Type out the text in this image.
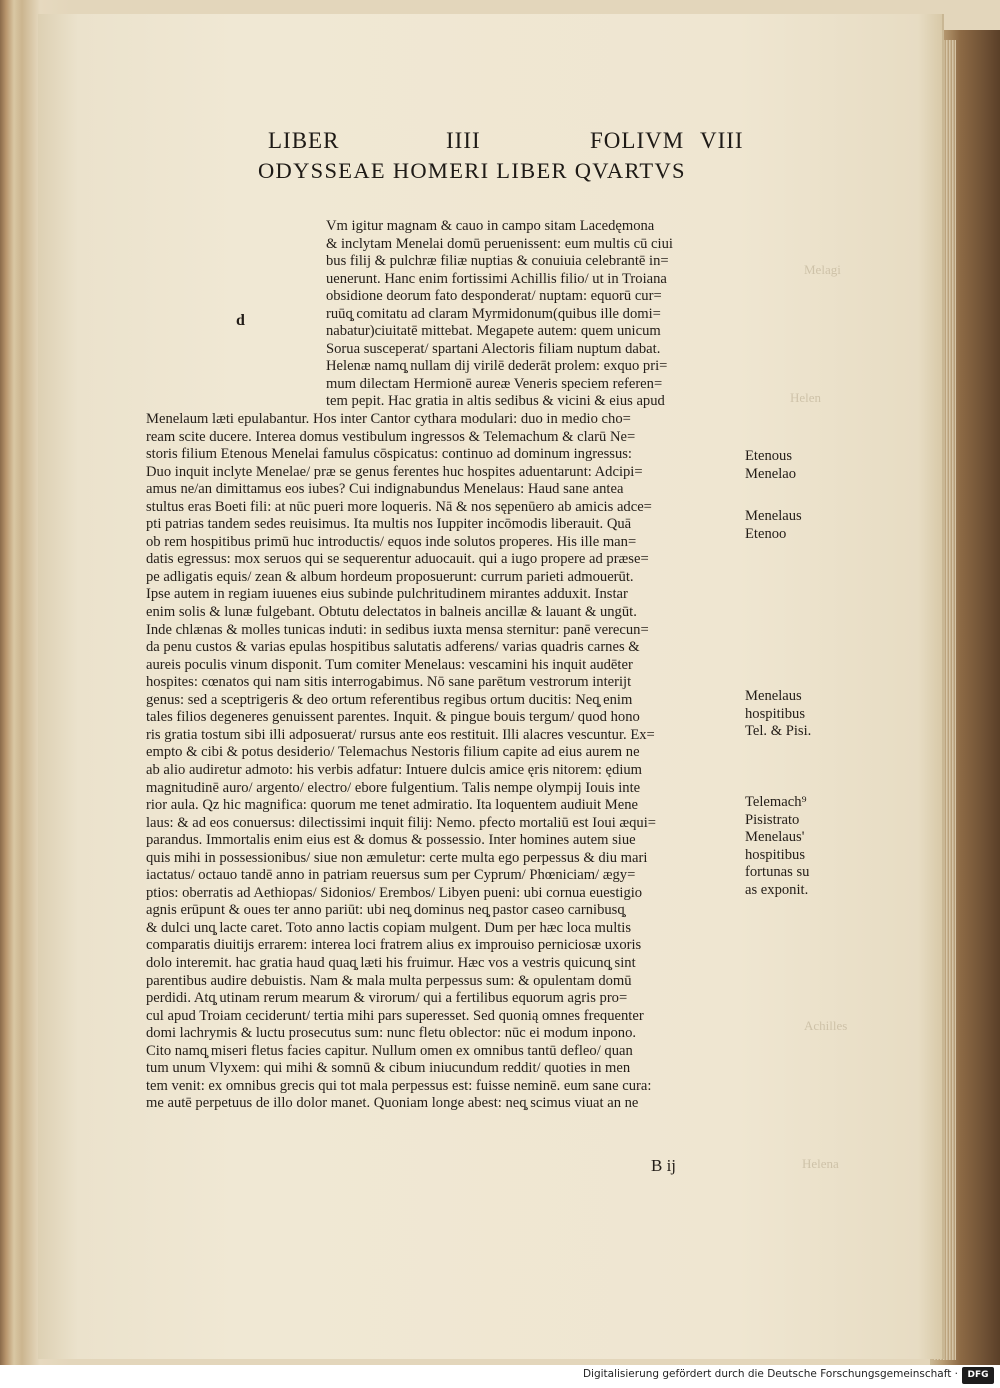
Melagi
Helen
Achilles
Helena
LIBER	IIII	FOLIVM VIII
ODYSSEAE HOMERI LIBER QVARTVS
d
Vm igitur magnam & cauo in campo sitam Lacedęmona
& inclytam Menelai domū peruenissent: eum multis cū ciui
bus filij & pulchræ filiæ nuptias & conuiuia celebrantē in=
uenerunt. Hanc enim fortissimi Achillis filio/ ut in Troiana
obsidione deorum fato desponderat/ nuptam: equorū cur=
ruūq̧ comitatu ad claram Myrmidonum(quibus ille domi=
nabatur)ciuitatē mittebat. Megapete autem: quem unicum
Sorua susceperat/ spartani Alectoris filiam nuptum dabat.
Helenæ namq̧ nullam dij virilē dederāt prolem: exquo pri=
mum dilectam Hermionē aureæ Veneris speciem referen=
tem pepit. Hac gratia in altis sedibus & vicini & eius apud
Menelaum læti epulabantur. Hos inter Cantor cythara modulari: duo in medio cho=
ream scite ducere. Interea domus vestibulum ingressos & Telemachum & clarū Ne=
storis filium Etenous Menelai famulus cōspicatus: continuo ad dominum ingressus:
Duo inquit inclyte Menelae/ præ se genus ferentes huc hospites aduentarunt: Adcipi=
amus ne/an dimittamus eos iubes? Cui indignabundus Menelaus: Haud sane antea
stultus eras Boeti fili: at nūc pueri more loqueris. Nā & nos sępenūero ab amicis adce=
pti patrias tandem sedes reuisimus. Ita multis nos Iuppiter incōmodis liberauit. Quā
ob rem hospitibus primū huc introductis/ equos inde solutos properes. His ille man=
datis egressus: mox seruos qui se sequerentur aduocauit. qui a iugo propere ad præse=
pe adligatis equis/ zean & album hordeum proposuerunt: currum parieti admouerūt.
Ipse autem in regiam iuuenes eius subinde pulchritudinem mirantes adduxit. Instar
enim solis & lunæ fulgebant. Obtutu delectatos in balneis ancillæ & lauant & ungūt.
Inde chlænas & molles tunicas induti: in sedibus iuxta mensa sternitur: panē verecun=
da penu custos & varias epulas hospitibus salutatis adferens/ varias quadris carnes &
aureis poculis vinum disponit. Tum comiter Menelaus: vescamini his inquit audēter
hospites: cœnatos qui nam sitis interrogabimus. Nō sane parētum vestrorum interijt
genus: sed a sceptrigeris & deo ortum referentibus regibus ortum ducitis: Neq̧ enim
tales filios degeneres genuissent parentes. Inquit. & pingue bouis tergum/ quod hono
ris gratia tostum sibi illi adposuerat/ rursus ante eos restituit. Illi alacres vescuntur. Ex=
empto & cibi & potus desiderio/ Telemachus Nestoris filium capite ad eius aurem ne
ab alio audiretur admoto: his verbis adfatur: Intuere dulcis amice ęris nitorem: ędium
magnitudinē auro/ argento/ electro/ ebore fulgentium. Talis nempe olympij Iouis inte
rior aula. Qz hic magnifica: quorum me tenet admiratio. Ita loquentem audiuit Mene
laus: & ad eos conuersus: dilectissimi inquit filij: Nemo. pfecto mortaliū est Ioui æqui=
parandus. Immortalis enim eius est & domus & possessio. Inter homines autem siue
quis mihi in possessionibus/ siue non æmuletur: certe multa ego perpessus & diu mari
iactatus/ octauo tandē anno in patriam reuersus sum per Cyprum/ Phœniciam/ ægy=
ptios: oberratis ad Aethiopas/ Sidonios/ Erembos/ Libyen pueni: ubi cornua euestigio
agnis erūpunt & oues ter anno pariūt: ubi neq̧ dominus neq̧ pastor caseo carnibusq̧
& dulci unq̧ lacte caret. Toto anno lactis copiam mulgent. Dum per hæc loca multis
comparatis diuitijs errarem: interea loci fratrem alius ex improuiso perniciosæ uxoris
dolo interemit. hac gratia haud quaq̧ læti his fruimur. Hæc vos a vestris quicunq̧ sint
parentibus audire debuistis. Nam & mala multa perpessus sum: & opulentam domū
perdidi. Atq̧ utinam rerum mearum & virorum/ qui a fertilibus equorum agris pro=
cul apud Troiam ceciderunt/ tertia mihi pars superesset. Sed quonią omnes frequenter
domi lachrymis & luctu prosecutus sum: nunc fletu oblector: nūc ei modum inpono.
Cito namq̧ miseri fletus facies capitur. Nullum omen ex omnibus tantū defleo/ quan
tum unum Vlyxem: qui mihi & somnū & cibum iniucundum reddit/ quoties in men
tem venit: ex omnibus grecis qui tot mala perpessus est: fuisse neminē. eum sane cura:
me autē perpetuus de illo dolor manet. Quoniam longe abest: neq̧ scimus viuat an ne
Etenous
Menelao
Menelaus
Etenoo
Menelaus
hospitibus
Tel. & Pisi.
Telemach⁹
Pisistrato
Menelaus'
hospitibus
fortunas su
as exponit.
B ij
Digitalisierung gefördert durch die Deutsche Forschungsgemeinschaft ·	DFG
